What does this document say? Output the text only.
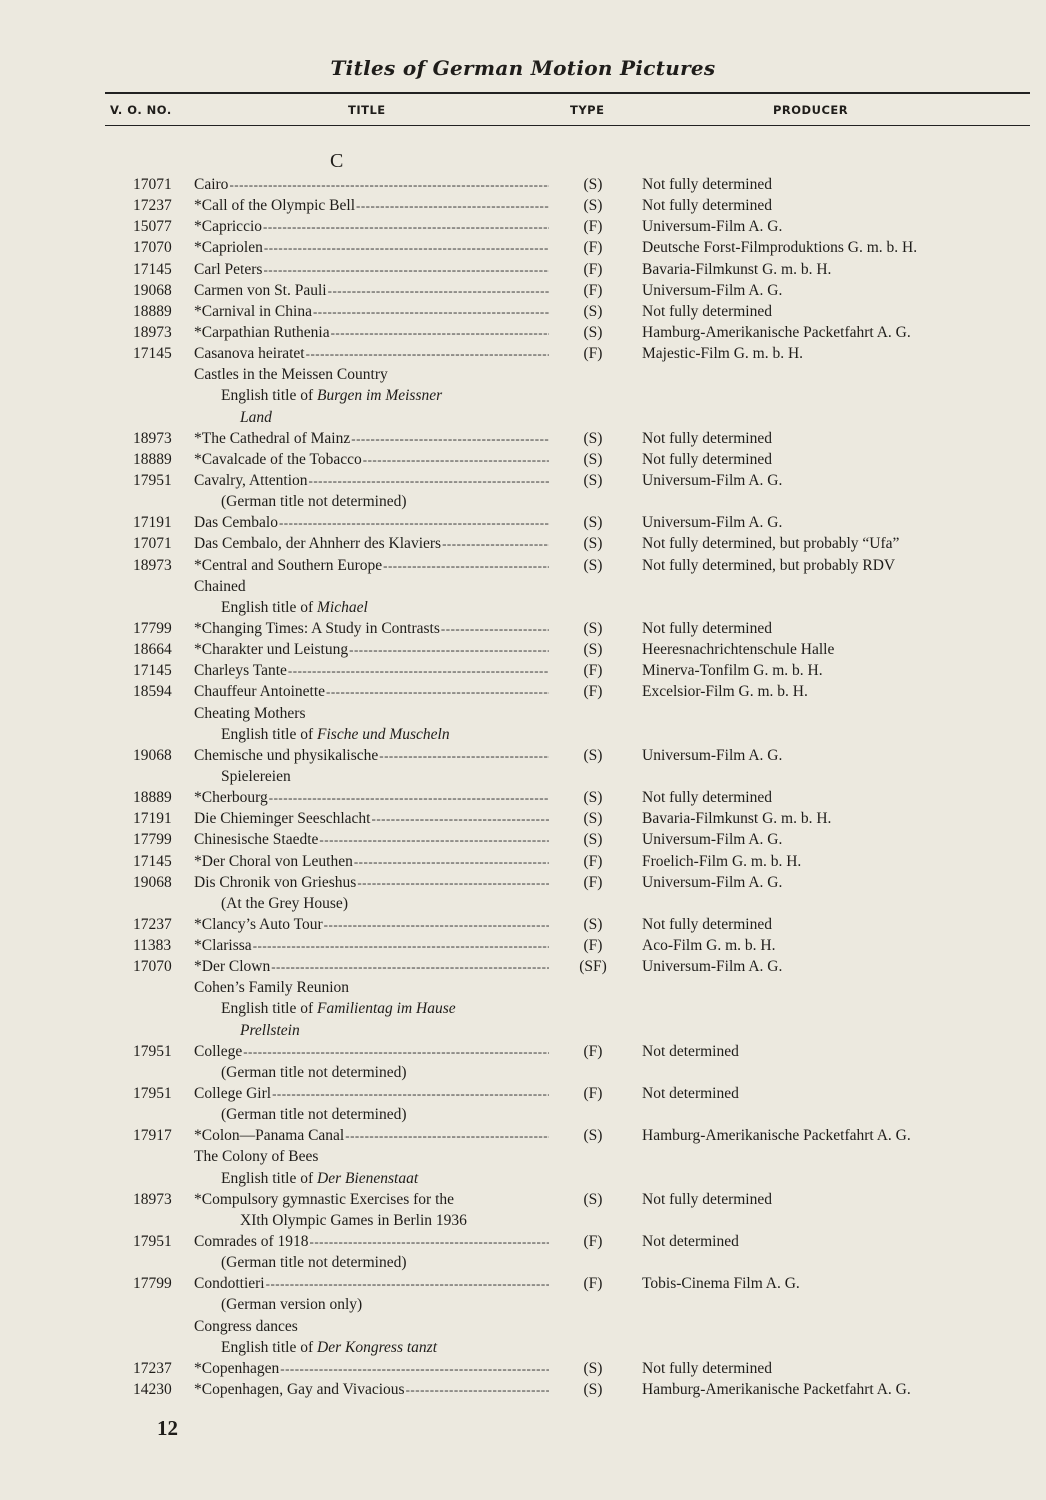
Titles of German Motion Pictures
V. O. NO.	TITLE	TYPE	PRODUCER
C
17071	Cairo -----	(S)	Not fully determined
17237	*Call of the Olympic Bell -----	(S)	Not fully determined
15077	*Capriccio -----	(F)	Universum-Film A. G.
17070	*Capriolen -----	(F)	Deutsche Forst-Filmproduktions G. m. b. H.
17145	Carl Peters -----	(F)	Bavaria-Filmkunst G. m. b. H.
19068	Carmen von St. Pauli -----	(F)	Universum-Film A. G.
18889	*Carnival in China -----	(S)	Not fully determined
18973	*Carpathian Ruthenia -----	(S)	Hamburg-Amerikanische Packetfahrt A. G.
17145	Casanova heiratet -----	(F)	Majestic-Film G. m. b. H.
Castles in the Meissen Country
English title of Burgen im Meissner
Land
18973	*The Cathedral of Mainz -----	(S)	Not fully determined
18889	*Cavalcade of the Tobacco -----	(S)	Not fully determined
17951	Cavalry, Attention -----	(S)	Universum-Film A. G.
(German title not determined)
17191	Das Cembalo -----	(S)	Universum-Film A. G.
17071	Das Cembalo, der Ahnherr des Klaviers -----	(S)	Not fully determined, but probably “Ufa”
18973	*Central and Southern Europe -----	(S)	Not fully determined, but probably RDV
Chained
English title of Michael
17799	*Changing Times: A Study in Contrasts -----	(S)	Not fully determined
18664	*Charakter und Leistung -----	(S)	Heeresnachrichtenschule Halle
17145	Charleys Tante -----	(F)	Minerva-Tonfilm G. m. b. H.
18594	Chauffeur Antoinette -----	(F)	Excelsior-Film G. m. b. H.
Cheating Mothers
English title of Fische und Muscheln
19068	Chemische und physikalische -----	(S)	Universum-Film A. G.
Spielereien
18889	*Cherbourg -----	(S)	Not fully determined
17191	Die Chieminger Seeschlacht -----	(S)	Bavaria-Filmkunst G. m. b. H.
17799	Chinesische Staedte -----	(S)	Universum-Film A. G.
17145	*Der Choral von Leuthen -----	(F)	Froelich-Film G. m. b. H.
19068	Dis Chronik von Grieshus -----	(F)	Universum-Film A. G.
(At the Grey House)
17237	*Clancy’s Auto Tour -----	(S)	Not fully determined
11383	*Clarissa -----	(F)	Aco-Film G. m. b. H.
17070	*Der Clown -----	(SF)	Universum-Film A. G.
Cohen’s Family Reunion
English title of Familientag im Hause
Prellstein
17951	College -----	(F)	Not determined
(German title not determined)
17951	College Girl -----	(F)	Not determined
(German title not determined)
17917	*Colon—Panama Canal -----	(S)	Hamburg-Amerikanische Packetfahrt A. G.
The Colony of Bees
English title of Der Bienenstaat
18973	*Compulsory gymnastic Exercises for the	(S)	Not fully determined
XIth Olympic Games in Berlin 1936
17951	Comrades of 1918 -----	(F)	Not determined
(German title not determined)
17799	Condottieri -----	(F)	Tobis-Cinema Film A. G.
(German version only)
Congress dances
English title of Der Kongress tanzt
17237	*Copenhagen -----	(S)	Not fully determined
14230	*Copenhagen, Gay and Vivacious -----	(S)	Hamburg-Amerikanische Packetfahrt A. G.
12
